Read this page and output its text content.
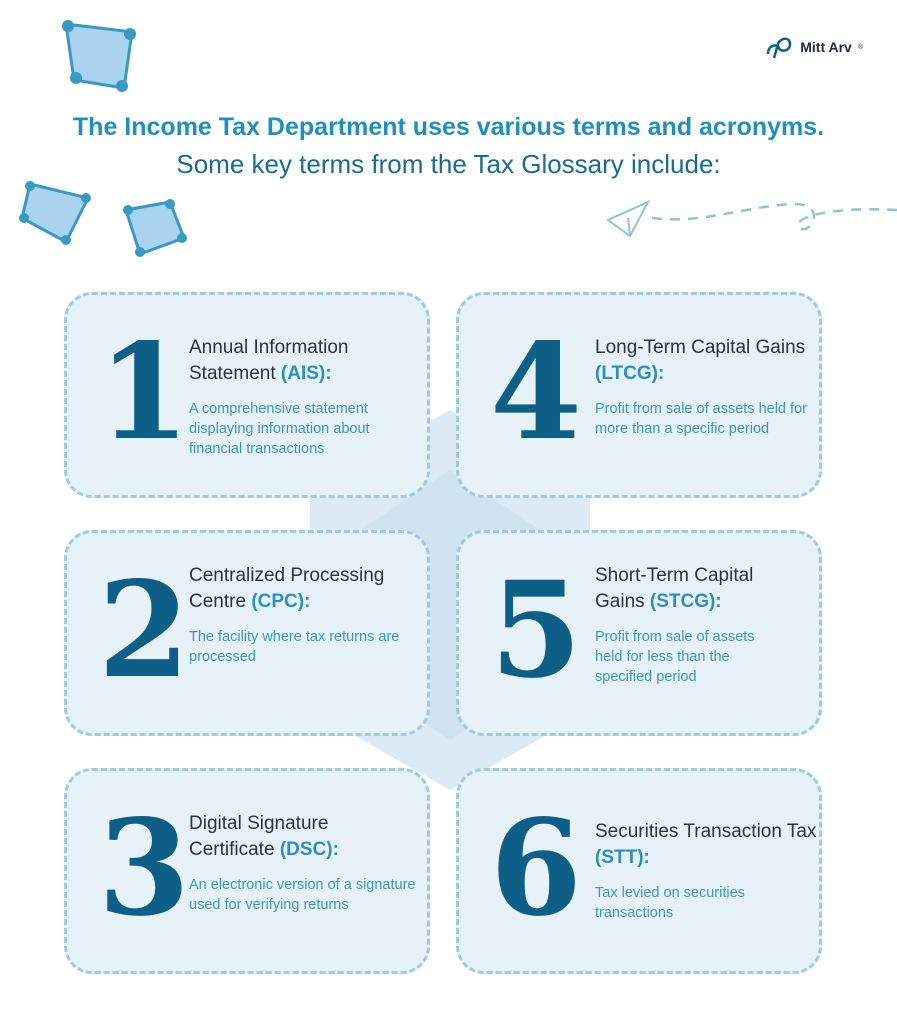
Mitt Arv ®

The Income Tax Department uses various terms and acronyms.

Some key terms from the Tax Glossary include:

1 Annual Information Statement (AIS):

A comprehensive statement displaying information about financial transactions

2 Centralized Processing Centre (CPC):

The facility where tax returns are processed

3 Digital Signature Certificate (DSC):

An electronic version of a signature used for verifying returns

4 Long-Term Capital Gains (LTCG):

Profit from sale of assets held for more than a specific period

5 Short-Term Capital Gains (STCG):

Profit from sale of assets held for less than the specified period

6 Securities Transaction Tax (STT):

Tax levied on securities transactions
